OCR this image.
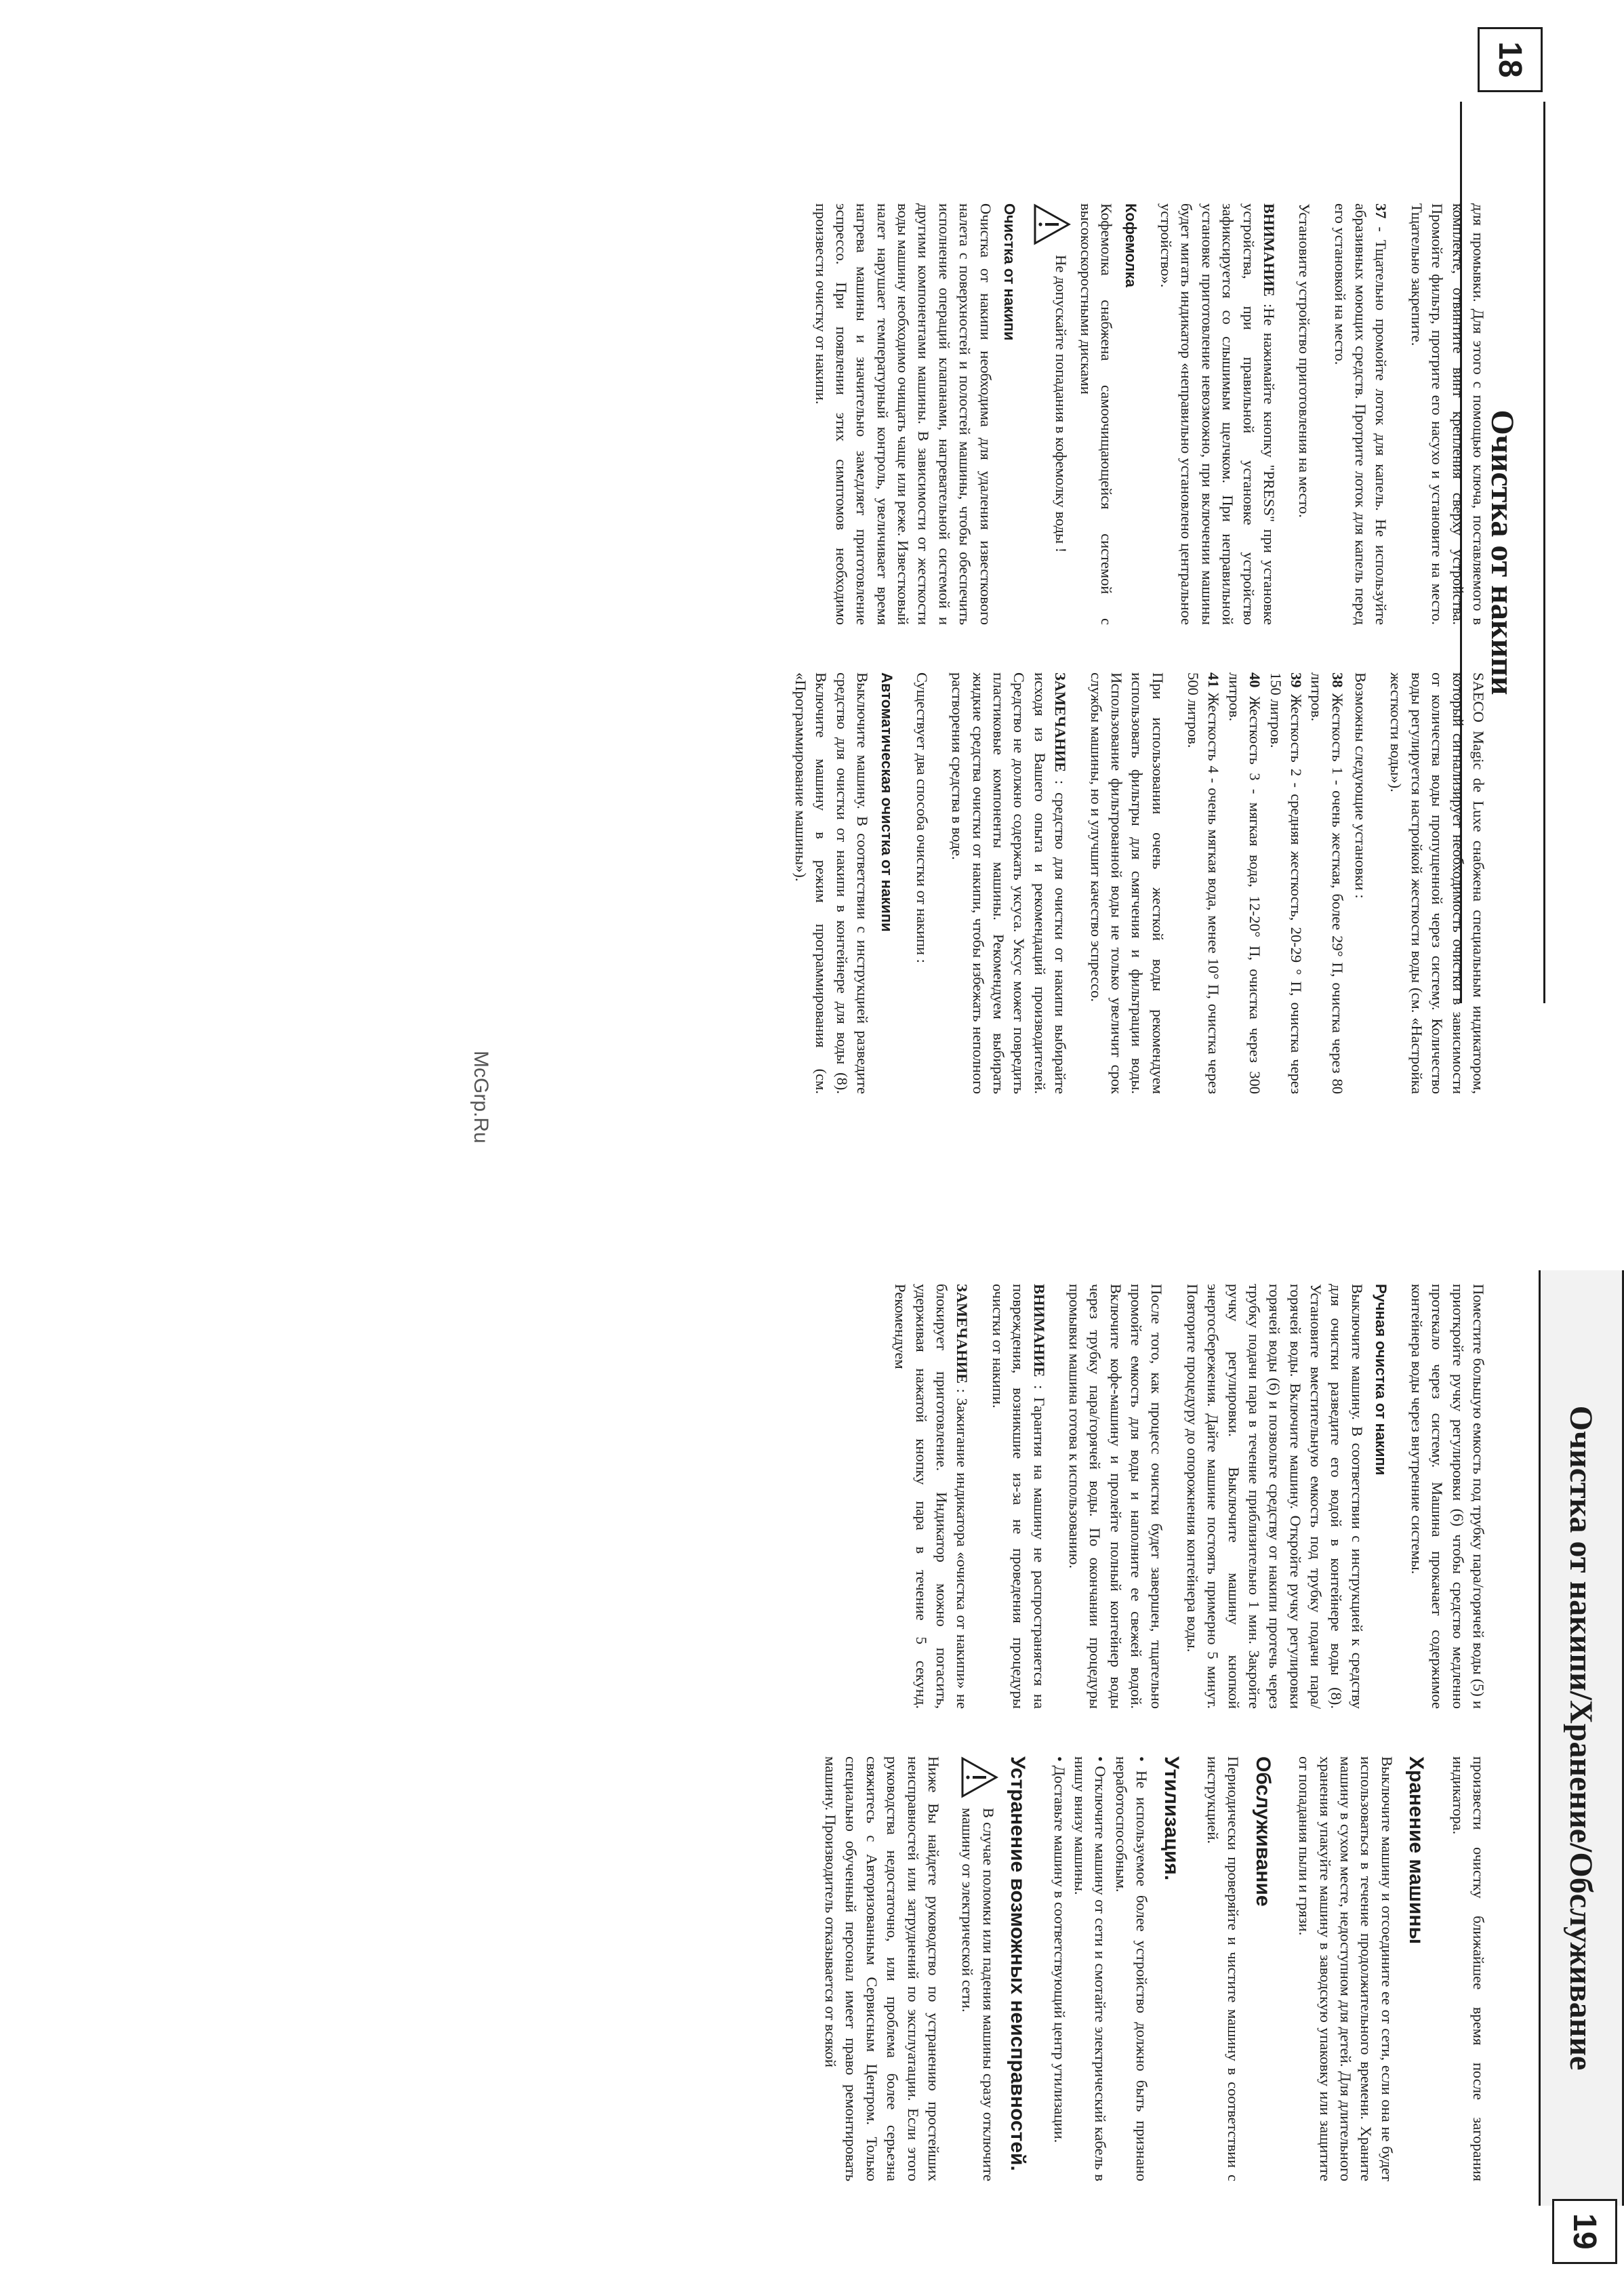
18
Очистка от накипи

для промывки. Для этого с помощью ключа, поставляемого в комплекте, отвинтите винт крепления сверху устройства. Промойте фильтр, протрите его насухо и установите на место. Тщательно закрепите.

37 - Тщательно промойте лоток для капель. Не используйте абразивных моющих средств. Протрите лоток для капель перед его установкой на место.

Установите устройство приготовления на место.

ВНИМАНИЕ :Не нажимайте кнопку "PRESS" при установке устройства, при правильной установке устройство зафиксируется со слышимым щелчком. При неправильной установке приготовление невозможно, при включении машины будет мигать индикатор «неправильно установлено центральное устройство».

Кофемолка

Кофемолка снабжена самоочищающейся системой с высокоскоростными дисками

Не допускайте попадания в кофемолку воды !
Очистка от накипи

Очистка от накипи необходима для удаления известкового налета с поверхностей и полостей машины, чтобы обеспечить исполнение операций клапанами, нагревательной системой и другими компонентами машины. В зависимости от жесткости воды машину необходимо очищать чаще или реже. Известковый налет нарушает температурный контроль, увеличивает время нагрева машины и значительно замедляет приготовление эспрессо. При появлении этих симптомов необходимо произвести очистку от накипи.

SAECO Magic de Luxe снабжена специальным индикатором, который сигнализирует необходимость очистки в зависимости от количества воды пропущенной через систему. Количество воды регулируется настройкой жесткости воды (см. «Настройка жесткости воды»).

Возможны следующие установки :

38 Жесткость 1 - очень жесткая, более 29° П, очистка через 80 литров.
39 Жесткость 2 - средняя жесткость, 20-29 ° П, очистка через 150 литров.
40 Жесткость 3 - мягкая вода, 12-20° П, очистка через 300 литров.

41 Жесткость 4 - очень мягкая вода, менее 10° П, очистка через 500 литров.

При использовании очень жесткой воды рекомендуем использовать фильтры для смягчения и фильтрации воды. Использование фильтрованной воды не только увеличит срок службы машины, но и улучшит качество эспрессо.

ЗАМЕЧАНИЕ : средство для очистки от накипи выбирайте исходя из Вашего опыта и рекомендаций производителей. Средство не должно содержать уксуса. Уксус может повредить пластиковые компоненты машины. Рекомендуем выбирать жидкие средства очистки от накипи, чтобы избежать неполного растворения средства в воде.

Существует два способа очистки от накипи :

Автоматическая очистка от накипи

Выключите машину. В соответствии с инструкцией разведите средство для очистки от накипи в контейнере для воды (8). Включите машину в режим программирования (см. «Программирование машины»).

Очистка от накипи/Хранение/Обслуживание
19

Поместите большую емкость под трубку пара/горячей воды (5) и приоткройте ручку регулировки (6) чтобы средство медленно протекало через систему. Машина прокачает содержимое контейнера воды через внутренние системы.

Ручная очистка от накипи

Выключите машину. В соответствии с инструкцией к средству для очистки разведите его водой в контейнере воды (8). Установите вместительную емкость под трубку подачи пара/горячей воды. Включите машину. Откройте ручку регулировки горячей воды (6) и позвольте средству от накипи протечь через трубку подачи пара в течение приблизительно 1 мин. Закройте ручку регулировки. Выключите машину кнопкой энергосбережения. Дайте машине постоять примерно 5 минут. Повторите процедуру до опорожнения контейнера воды.

После того, как процесс очистки будет завершен, тщательно промойте емкость для воды и наполните ее свежей водой. Включите кофе-машину и пролейте полный контейнер воды через трубку пара/горячей воды. По окончании процедуры промывки машина готова к использованию.

ВНИМАНИЕ : Гарантия на машину не распространяется на повреждения, возникшие из-за не проведения процедуры очистки от накипи.

ЗАМЕЧАНИЕ : Зажигание индикатора «очистка от накипи» не блокирует приготовление. Индикатор можно погасить, удерживая нажатой кнопку пара в течение 5 секунд. Рекомендуем

произвести очистку ближайшее время после загорания индикатора.

Хранение машины

Выключите машину и отсоедините ее от сети, если она не будет использоваться в течение продолжительного времени. Храните машину в сухом месте, недоступном для детей. Для длительного хранения упакуйте машину в заводскую упаковку или защитите от попадания пыли и грязи.

Обслуживание

Периодически проверяйте и чистите машину в соответствии с инструкцией.

Утилизация.
• Не используемое более устройство должно быть признано неработоспособным.
• Отключите машину от сети и смотайте электрический кабель в нишу внизу машины.

• Доставьте машину в соответствующий центр утилизации.

Устранение возможных неисправностей.
В случае поломки или падения машины сразу отключите машину от электрической сети.

Ниже Вы найдете руководство по устранению простейших неисправностей или затруднений по эксплуатации. Если этого руководства недостаточно, или проблема более серьезна свяжитесь с Авторизованным Сервисным Центром. Только специально обученный персонал имеет право ремонтировать машину. Производитель отказывается от всякой

McGrp.Ru
